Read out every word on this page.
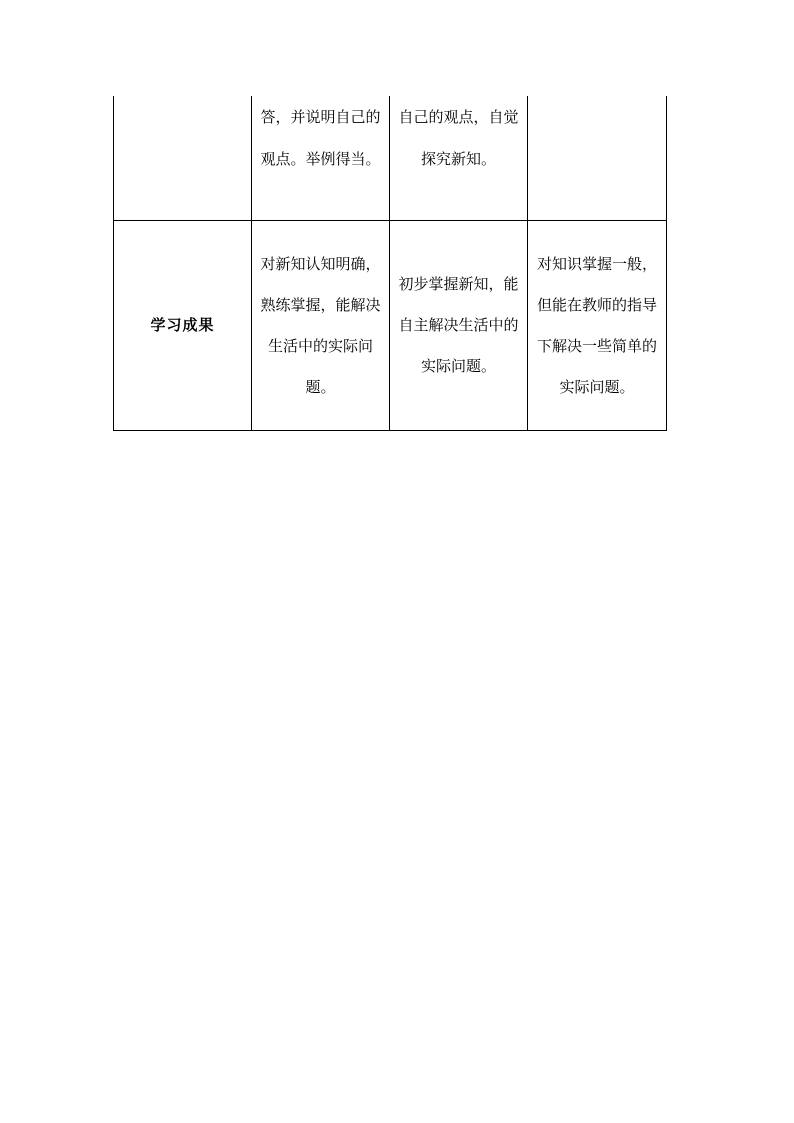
	答，并说明自己的观点。举例得当。	自己的观点，自觉探究新知。	

学习成果	对新知认知明确，熟练掌握，能解决生活中的实际问题。	初步掌握新知，能自主解决生活中的实际问题。	对知识掌握一般，但能在教师的指导下解决一些简单的实际问题。
